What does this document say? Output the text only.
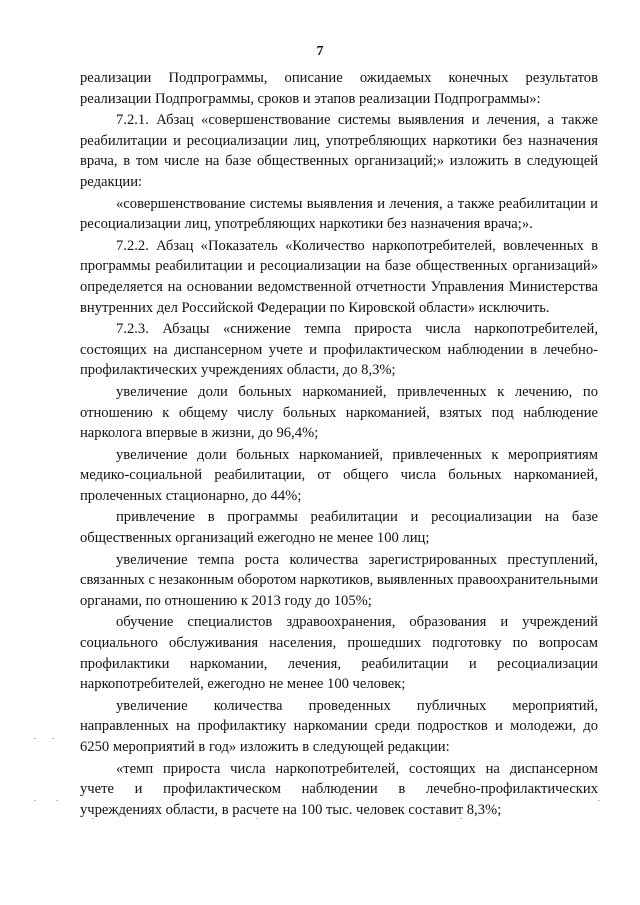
7

реализации Подпрограммы, описание ожидаемых конечных результатов реализации Подпрограммы, сроков и этапов реализации Подпрограммы»:

7.2.1. Абзац «совершенствование системы выявления и лечения, а также реабилитации и ресоциализации лиц, употребляющих наркотики без назначения врача, в том числе на базе общественных организаций;» изложить в следующей редакции:

«совершенствование системы выявления и лечения, а также реабилитации и ресоциализации лиц, употребляющих наркотики без назначения врача;».

7.2.2. Абзац «Показатель «Количество наркопотребителей, вовлеченных в программы реабилитации и ресоциализации на базе общественных организаций» определяется на основании ведомственной отчетности Управления Министерства внутренних дел Российской Федерации по Кировской области» исключить.

7.2.3. Абзацы «снижение темпа прироста числа наркопотребителей, состоящих на диспансерном учете и профилактическом наблюдении в лечебно-профилактических учреждениях области, до 8,3%;

увеличение доли больных наркоманией, привлеченных к лечению, по отношению к общему числу больных наркоманией, взятых под наблюдение нарколога впервые в жизни, до 96,4%;

увеличение доли больных наркоманией, привлеченных к мероприятиям медико-социальной реабилитации, от общего числа больных наркоманией, пролеченных стационарно, до 44%;

привлечение в программы реабилитации и ресоциализации на базе общественных организаций ежегодно не менее 100 лиц;

увеличение темпа роста количества зарегистрированных преступлений, связанных с незаконным оборотом наркотиков, выявленных правоохранительными органами, по отношению к 2013 году до 105%;

обучение специалистов здравоохранения, образования и учреждений социального обслуживания населения, прошедших подготовку по вопросам профилактики наркомании, лечения, реабилитации и ресоциализации наркопотребителей, ежегодно не менее 100 человек;

увеличение количества проведенных публичных мероприятий, направленных на профилактику наркомании среди подростков и молодежи, до 6250 мероприятий в год» изложить в следующей редакции:

«темп прироста числа наркопотребителей, состоящих на диспансерном учете и профилактическом наблюдении в лечебно-профилактических учреждениях области, в расчете на 100 тыс. человек составит 8,3%;
